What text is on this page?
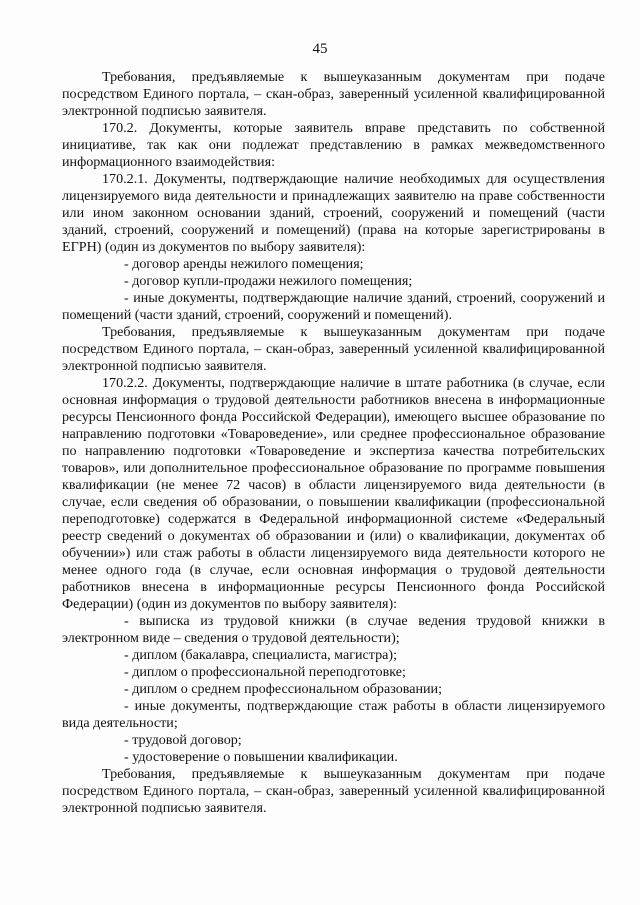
45

Требования, предъявляемые к вышеуказанным документам при подаче посредством Единого портала, – скан-образ, заверенный усиленной квалифицированной электронной подписью заявителя.

170.2. Документы, которые заявитель вправе представить по собственной инициативе, так как они подлежат представлению в рамках межведомственного информационного взаимодействия:

170.2.1. Документы, подтверждающие наличие необходимых для осуществления лицензируемого вида деятельности и принадлежащих заявителю на праве собственности или ином законном основании зданий, строений, сооружений и помещений (части зданий, строений, сооружений и помещений) (права на которые зарегистрированы в ЕГРН) (один из документов по выбору заявителя):

- договор аренды нежилого помещения;

- договор купли-продажи нежилого помещения;

- иные документы, подтверждающие наличие зданий, строений, сооружений и помещений (части зданий, строений, сооружений и помещений).

Требования, предъявляемые к вышеуказанным документам при подаче посредством Единого портала, – скан-образ, заверенный усиленной квалифицированной электронной подписью заявителя.

170.2.2. Документы, подтверждающие наличие в штате работника (в случае, если основная информация о трудовой деятельности работников внесена в информационные ресурсы Пенсионного фонда Российской Федерации), имеющего высшее образование по направлению подготовки «Товароведение», или среднее профессиональное образование по направлению подготовки «Товароведение и экспертиза качества потребительских товаров», или дополнительное профессиональное образование по программе повышения квалификации (не менее 72 часов) в области лицензируемого вида деятельности (в случае, если сведения об образовании, о повышении квалификации (профессиональной переподготовке) содержатся в Федеральной информационной системе «Федеральный реестр сведений о документах об образовании и (или) о квалификации, документах об обучении») или стаж работы в области лицензируемого вида деятельности которого не менее одного года (в случае, если основная информация о трудовой деятельности работников внесена в информационные ресурсы Пенсионного фонда Российской Федерации) (один из документов по выбору заявителя):

- выписка из трудовой книжки (в случае ведения трудовой книжки в электронном виде – сведения о трудовой деятельности);

- диплом (бакалавра, специалиста, магистра);

- диплом о профессиональной переподготовке;

- диплом о среднем профессиональном образовании;

- иные документы, подтверждающие стаж работы в области лицензируемого вида деятельности;

- трудовой договор;

- удостоверение о повышении квалификации.

Требования, предъявляемые к вышеуказанным документам при подаче посредством Единого портала, – скан-образ, заверенный усиленной квалифицированной электронной подписью заявителя.
